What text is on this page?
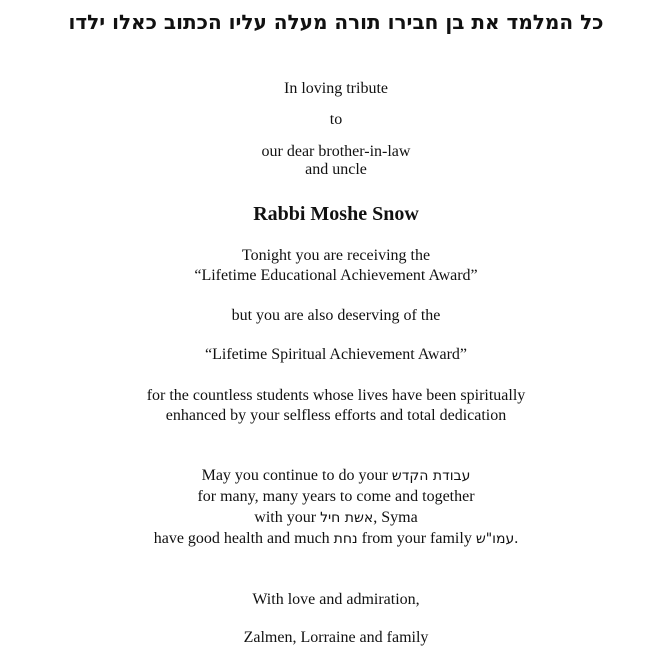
כל המלמד את בן חבירו תורה מעלה עליו הכתוב כאלו ילדו
In loving tribute
to
our dear brother-in-law
and uncle
Rabbi Moshe Snow
Tonight you are receiving the
“Lifetime Educational Achievement Award”
but you are also deserving of the
“Lifetime Spiritual Achievement Award”
for the countless students whose lives have been spiritually
enhanced by your selfless efforts and total dedication
May you continue to do your עבודת הקדש
for many, many years to come and together
with your אשת חיל, Syma
have good health and much נחת from your family עמו"ש.
With love and admiration,
Zalmen, Lorraine and family
